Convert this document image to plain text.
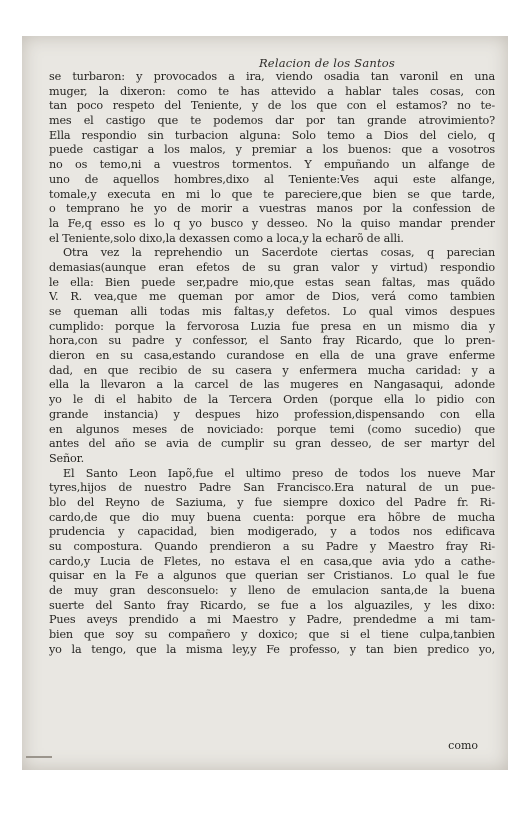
Relacion de los Santos
se turbaron: y provocados a ira, viendo osadia tan varonil en una
muger, la dixeron: como te has attevido a hablar tales cosas, con
tan poco respeto del Teniente, y de los que con el estamos? no te-
mes el castigo que te podemos dar por tan grande atrovimiento?
Ella respondio sin turbacion alguna: Solo temo a Dios del cielo, q
puede castigar a los malos, y premiar a los buenos: que a vosotros
no os temo,ni a vuestros tormentos. Y empuñando un alfange de
uno de aquellos hombres,dixo al Teniente:Ves aqui este alfange,
tomale,y executa en mi lo que te pareciere,que bien se que tarde,
o temprano he yo de morir a vuestras manos por la confession de
la Fe,q esso es lo q yo busco y desseo. No la quiso mandar prender
el Teniente,solo dixo,la dexassen como a loca,y la echarõ de alli.
Otra vez la reprehendio un Sacerdote ciertas cosas, q parecian
demasias(aunque eran efetos de su gran valor y virtud) respondio
le ella: Bien puede ser,padre mio,que estas sean faltas, mas quãdo
V. R. vea,que me queman por amor de Dios, verá como tambien
se queman alli todas mis faltas,y defetos. Lo qual vimos despues
cumplido: porque la fervorosa Luzia fue presa en un mismo dia y
hora,con su padre y confessor, el Santo fray Ricardo, que lo pren-
dieron en su casa,estando curandose en ella de una grave enferme
dad, en que recibio de su casera y enfermera mucha caridad: y a
ella la llevaron a la carcel de las mugeres en Nangasaqui, adonde
yo le di el habito de la Tercera Orden (porque ella lo pidio con
grande instancia) y despues hizo profession,dispensando con ella
en algunos meses de noviciado: porque temi (como sucedio) que
antes del año se avia de cumplir su gran desseo, de ser martyr del
Señor.
El Santo Leon Iapõ,fue el ultimo preso de todos los nueve Mar
tyres,hijos de nuestro Padre San Francisco.Era natural de un pue-
blo del Reyno de Saziuma, y fue siempre doxico del Padre fr. Ri-
cardo,de que dio muy buena cuenta: porque era hõbre de mucha
prudencia y capacidad, bien modigerado, y a todos nos edificava
su compostura. Quando prendieron a su Padre y Maestro fray Ri-
cardo,y Lucia de Fletes, no estava el en casa,que avia ydo a cathe-
quisar en la Fe a algunos que querian ser Cristianos. Lo qual le fue
de muy gran desconsuelo: y lleno de emulacion santa,de la buena
suerte del Santo fray Ricardo, se fue a los alguaziles, y les dixo:
Pues aveys prendido a mi Maestro y Padre, prendedme a mi tam-
bien que soy su compañero y doxico; que si el tiene culpa,tanbien
yo la tengo, que la misma ley,y Fe professo, y tan bien predico yo,
como
